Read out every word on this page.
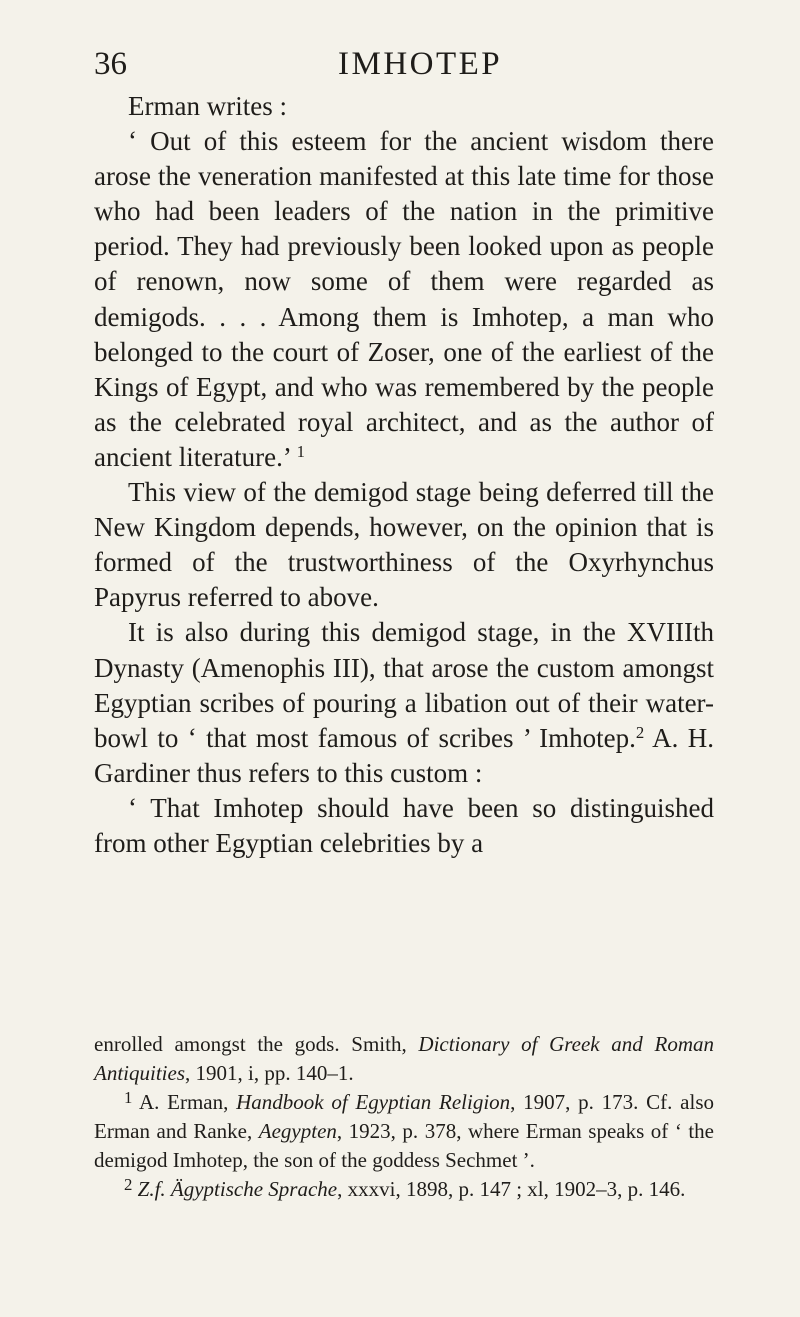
36	IMHOTEP

Erman writes :

‘ Out of this esteem for the ancient wisdom there arose the veneration manifested at this late time for those who had been leaders of the nation in the primitive period. They had previously been looked upon as people of renown, now some of them were regarded as demigods. . . . Among them is Imhotep, a man who belonged to the court of Zoser, one of the earliest of the Kings of Egypt, and who was remembered by the people as the celebrated royal architect, and as the author of ancient literature.’ $^1$

This view of the demigod stage being deferred till the New Kingdom depends, however, on the opinion that is formed of the trustworthiness of the Oxyrhynchus Papyrus referred to above.

It is also during this demigod stage, in the XVIIIth Dynasty (Amenophis III), that arose the custom amongst Egyptian scribes of pouring a libation out of their water-bowl to ‘ that most famous of scribes ’ Imhotep.$^2$ A. H. Gardiner thus refers to this custom :

‘ That Imhotep should have been so distinguished from other Egyptian celebrities by a

enrolled amongst the gods. Smith, Dictionary of Greek and Roman Antiquities, 1901, i, pp. 140–1.

$^1$ A. Erman, Handbook of Egyptian Religion, 1907, p. 173. Cf. also Erman and Ranke, Aegypten, 1923, p. 378, where Erman speaks of ‘ the demigod Imhotep, the son of the goddess Sechmet ’.

$^2$ Z.f. Ägyptische Sprache, xxxvi, 1898, p. 147 ; xl, 1902–3, p. 146.
